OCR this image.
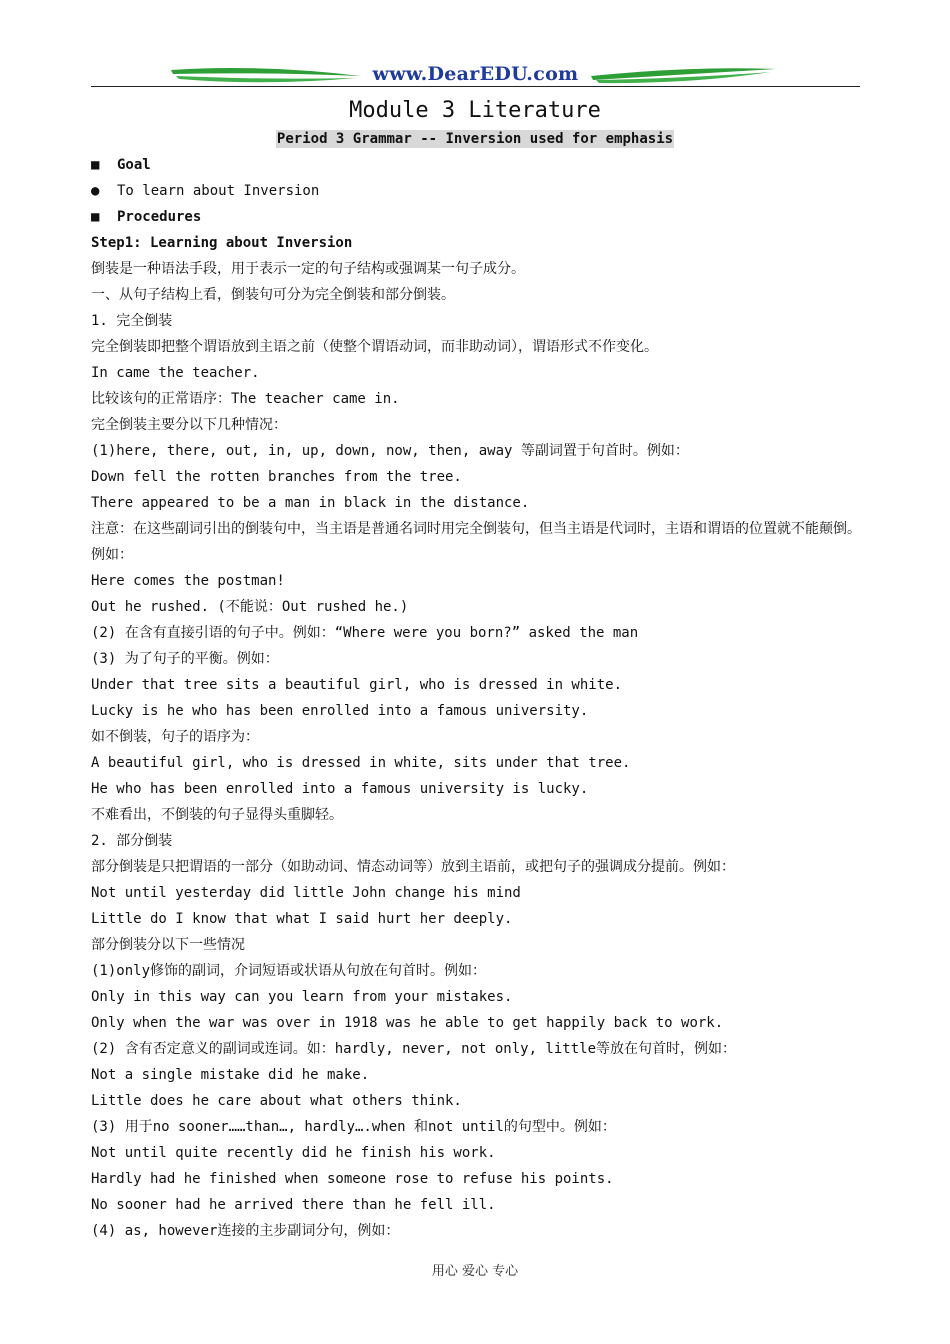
www.DearEDU.com
Module 3 Literature
Period 3 Grammar -- Inversion used for emphasis
■ Goal
● To learn about Inversion
■ Procedures
Step1: Learning about Inversion
倒装是一种语法手段，用于表示一定的句子结构或强调某一句子成分。
一、从句子结构上看，倒装句可分为完全倒装和部分倒装。
1. 完全倒装
完全倒装即把整个谓语放到主语之前（使整个谓语动词，而非助动词），谓语形式不作变化。
In came the teacher.
比较该句的正常语序：The teacher came in.
完全倒装主要分以下几种情况：
(1)here, there, out, in, up, down, now, then, away 等副词置于句首时。例如：
Down fell the rotten branches from the tree.
There appeared to be a man in black in the distance.
注意：在这些副词引出的倒装句中，当主语是普通名词时用完全倒装句，但当主语是代词时，主语和谓语的位置就不能颠倒。例如：
Here comes the postman!
Out he rushed. (不能说：Out rushed he.)
(2) 在含有直接引语的句子中。例如：“Where were you born?” asked the man
(3) 为了句子的平衡。例如：
Under that tree sits a beautiful girl, who is dressed in white.
Lucky is he who has been enrolled into a famous university.
如不倒装，句子的语序为：
A beautiful girl, who is dressed in white, sits under that tree.
He who has been enrolled into a famous university is lucky.
不难看出，不倒装的句子显得头重脚轻。
2. 部分倒装
部分倒装是只把谓语的一部分（如助动词、情态动词等）放到主语前，或把句子的强调成分提前。例如：
Not until yesterday did little John change his mind
Little do I know that what I said hurt her deeply.
部分倒装分以下一些情况
(1)only修饰的副词，介词短语或状语从句放在句首时。例如：
Only in this way can you learn from your mistakes.
Only when the war was over in 1918 was he able to get happily back to work.
(2) 含有否定意义的副词或连词。如：hardly, never, not only, little等放在句首时，例如：
Not a single mistake did he make.
Little does he care about what others think.
(3) 用于no sooner……than…, hardly….when 和not until的句型中。例如：
Not until quite recently did he finish his work.
Hardly had he finished when someone rose to refuse his points.
No sooner had he arrived there than he fell ill.
(4) as, however连接的主步副词分句，例如：
用心 爱心 专心
